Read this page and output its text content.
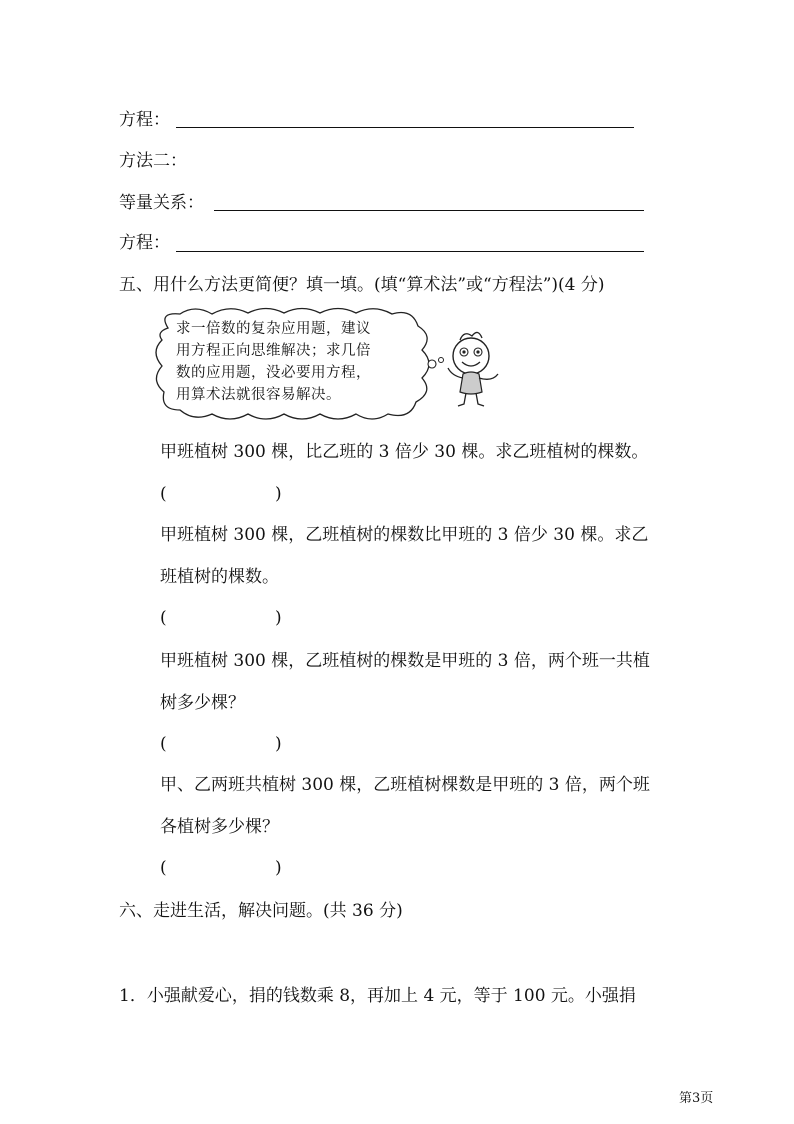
方程：
方法二：
等量关系：
方程：
五、用什么方法更简便？填一填。(填“算术法”或“方程法”)(4 分)
求一倍数的复杂应用题，建议
用方程正向思维解决；求几倍
数的应用题，没必要用方程，
用算术法就很容易解决。
甲班植树 300 棵，比乙班的 3 倍少 30 棵。求乙班植树的棵数。
(	)
甲班植树 300 棵，乙班植树的棵数比甲班的 3 倍少 30 棵。求乙
班植树的棵数。
(	)
甲班植树 300 棵，乙班植树的棵数是甲班的 3 倍，两个班一共植
树多少棵？
(	)
甲、乙两班共植树 300 棵，乙班植树棵数是甲班的 3 倍，两个班
各植树多少棵？
(	)
六、走进生活，解决问题。(共 36 分)
1．小强献爱心，捐的钱数乘 8，再加上 4 元，等于 100 元。小强捐
第3页
